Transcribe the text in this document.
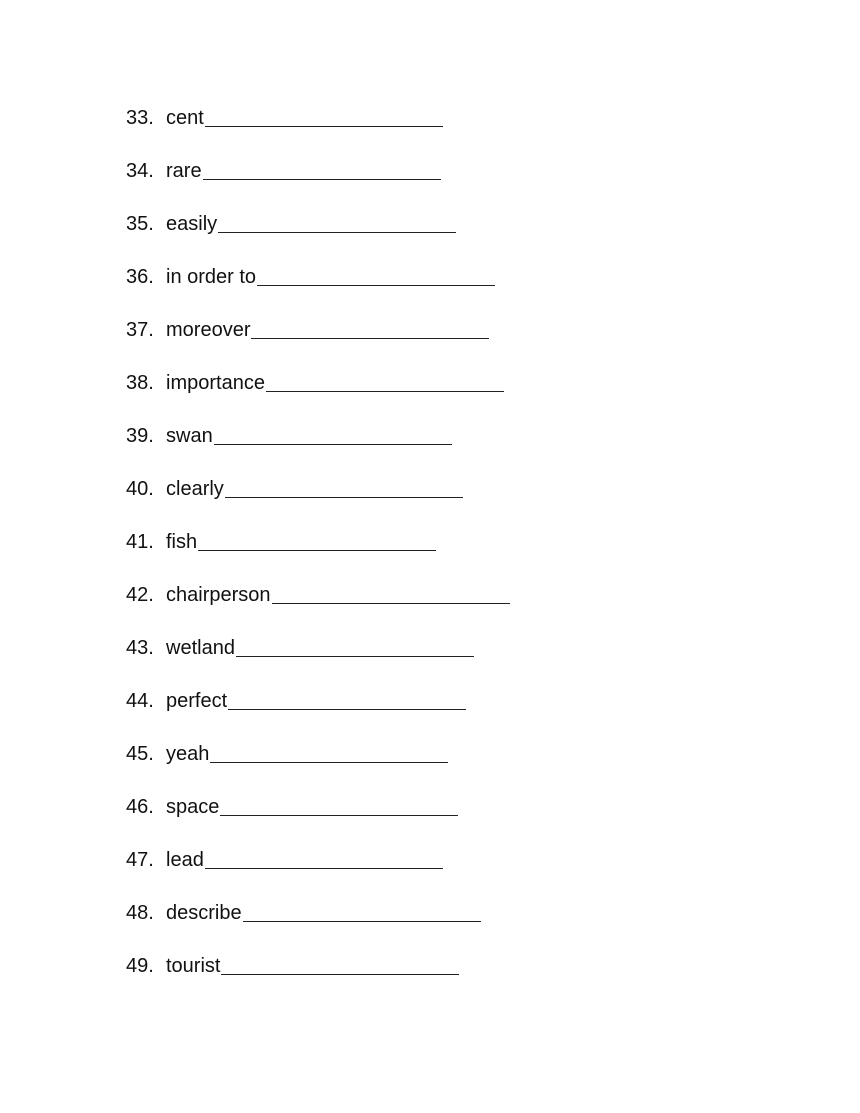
33. cent
34. rare
35. easily
36. in order to
37. moreover
38. importance
39. swan
40. clearly
41. fish
42. chairperson
43. wetland
44. perfect
45. yeah
46. space
47. lead
48. describe
49. tourist
